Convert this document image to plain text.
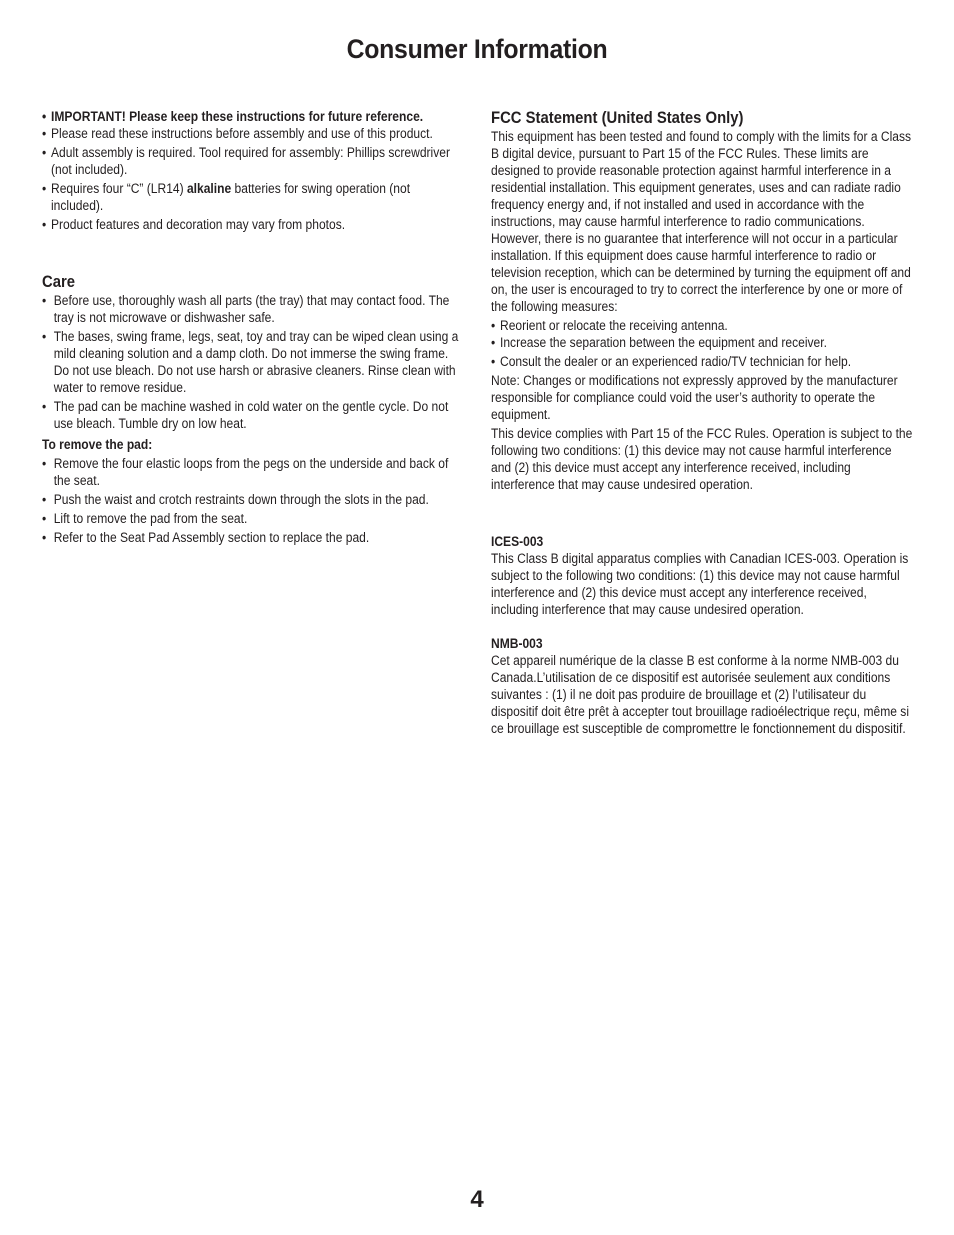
Consumer Information

• IMPORTANT! Please keep these instructions for future reference.

• Please read these instructions before assembly and use of this product.

• Adult assembly is required. Tool required for assembly: Phillips screwdriver (not included).

• Requires four “C” (LR14) alkaline batteries for swing operation (not included).

• Product features and decoration may vary from photos.

Care

• Before use, thoroughly wash all parts (the tray) that may contact food. The tray is not microwave or dishwasher safe.

• The bases, swing frame, legs, seat, toy and tray can be wiped clean using a mild cleaning solution and a damp cloth. Do not immerse the swing frame. Do not use bleach. Do not use harsh or abrasive cleaners. Rinse clean with water to remove residue.

• The pad can be machine washed in cold water on the gentle cycle. Do not use bleach. Tumble dry on low heat.

To remove the pad:

• Remove the four elastic loops from the pegs on the underside and back of the seat.

• Push the waist and crotch restraints down through the slots in the pad.

• Lift to remove the pad from the seat.

• Refer to the Seat Pad Assembly section to replace the pad.

FCC Statement (United States Only)

This equipment has been tested and found to comply with the limits for a Class B digital device, pursuant to Part 15 of the FCC Rules. These limits are designed to provide reasonable protection against harmful interference in a residential installation. This equipment generates, uses and can radiate radio frequency energy and, if not installed and used in accordance with the instructions, may cause harmful interference to radio communications. However, there is no guarantee that interference will not occur in a particular installation. If this equipment does cause harmful interference to radio or television reception, which can be determined by turning the equipment off and on, the user is encouraged to try to correct the interference by one or more of the following measures:

• Reorient or relocate the receiving antenna.

• Increase the separation between the equipment and receiver.

• Consult the dealer or an experienced radio/TV technician for help.

Note: Changes or modifications not expressly approved by the manufacturer responsible for compliance could void the user’s authority to operate the equipment.

This device complies with Part 15 of the FCC Rules. Operation is subject to the following two conditions: (1) this device may not cause harmful interference and (2) this device must accept any interference received, including interference that may cause undesired operation.

ICES-003

This Class B digital apparatus complies with Canadian ICES-003. Operation is subject to the following two conditions: (1) this device may not cause harmful interference and (2) this device must accept any interference received, including interference that may cause undesired operation.

NMB-003

Cet appareil numérique de la classe B est conforme à la norme NMB-003 du Canada.L’utilisation de ce dispositif est autorisée seulement aux conditions suivantes : (1) il ne doit pas produire de brouillage et (2) l’utilisateur du dispositif doit être prêt à accepter tout brouillage radioélectrique reçu, même si ce brouillage est susceptible de compromettre le fonctionnement du dispositif.

4
